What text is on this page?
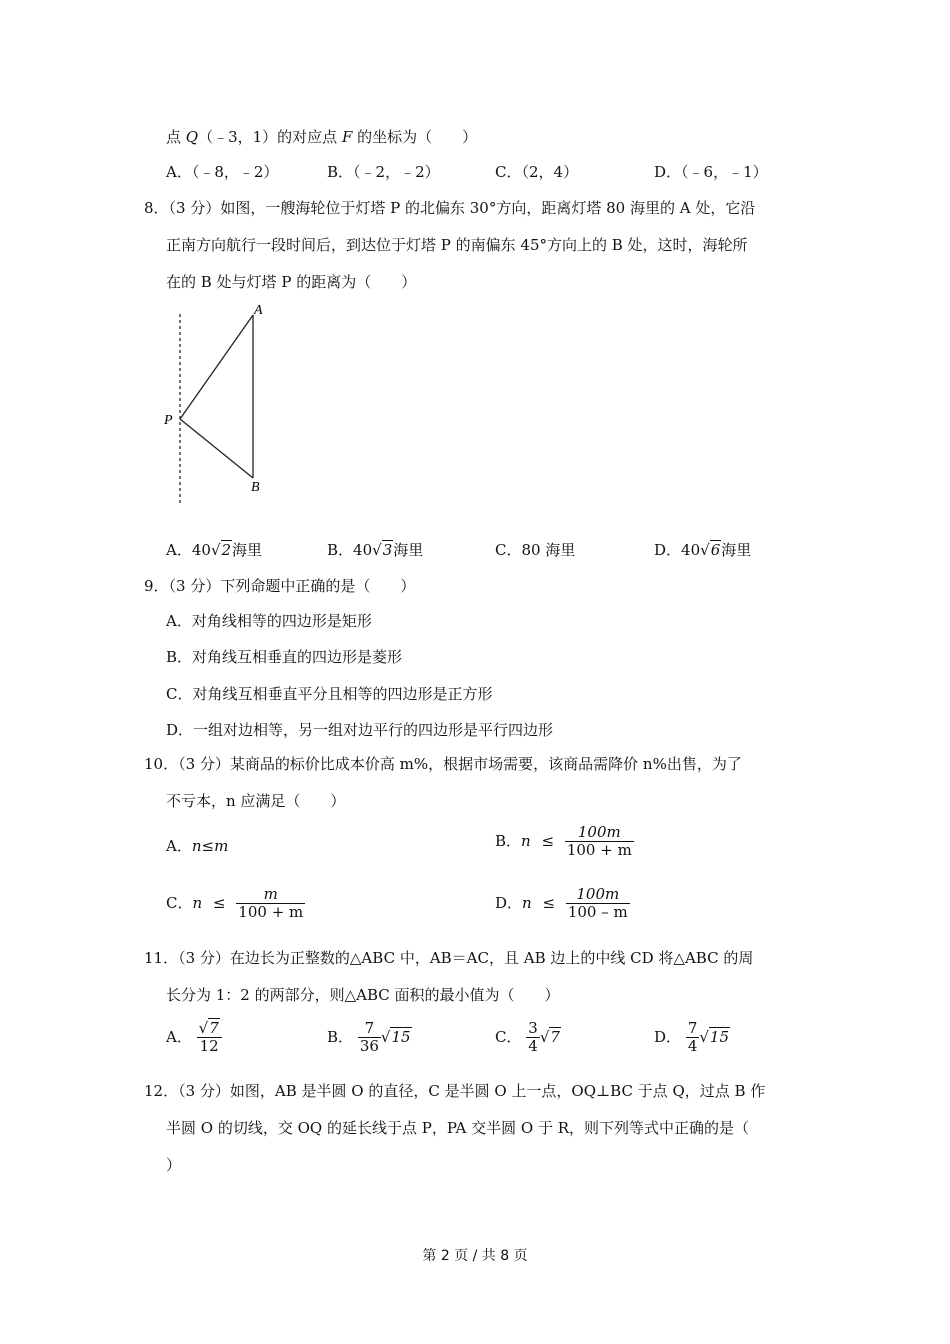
点 Q（﹣3，1）的对应点 F 的坐标为（　　）
A．（﹣8，﹣2）	B．（﹣2，﹣2）	C．（2，4）	D．（﹣6，﹣1）
8．（3 分）如图，一艘海轮位于灯塔 P 的北偏东 30°方向，距离灯塔 80 海里的 A 处，它沿
正南方向航行一段时间后，到达位于灯塔 P 的南偏东 45°方向上的 B 处，这时，海轮所
在的 B 处与灯塔 P 的距离为（　　）
A
P
B
A．40√2海里	B．40√3海里	C．80 海里	D．40√6海里
9．（3 分）下列命题中正确的是（　　）
A．对角线相等的四边形是矩形
B．对角线互相垂直的四边形是菱形
C．对角线互相垂直平分且相等的四边形是正方形
D．一组对边相等，另一组对边平行的四边形是平行四边形
10．（3 分）某商品的标价比成本价高 m%，根据市场需要，该商品需降价 n%出售，为了
不亏本，n 应满足（　　）
A．n≤m	B．$n \le \frac{100m}{100 + m}$
C．$n \le \frac{m}{100 + m}$	D．$n \le \frac{100m}{100 - m}$
11．（3 分）在边长为正整数的△ABC 中，AB＝AC，且 AB 边上的中线 CD 将△ABC 的周
长分为 1：2 的两部分，则△ABC 面积的最小值为（　　）
A． $\frac{√7}{12}$	B． $\frac{7}{36} √15$	C． $\frac{3}{4} √7$	D． $\frac{7}{4} √15$
12．（3 分）如图，AB 是半圆 O 的直径，C 是半圆 O 上一点，OQ⊥BC 于点 Q，过点 B 作
半圆 O 的切线，交 OQ 的延长线于点 P，PA 交半圆 O 于 R，则下列等式中正确的是（
）
第 2 页 / 共 8 页
